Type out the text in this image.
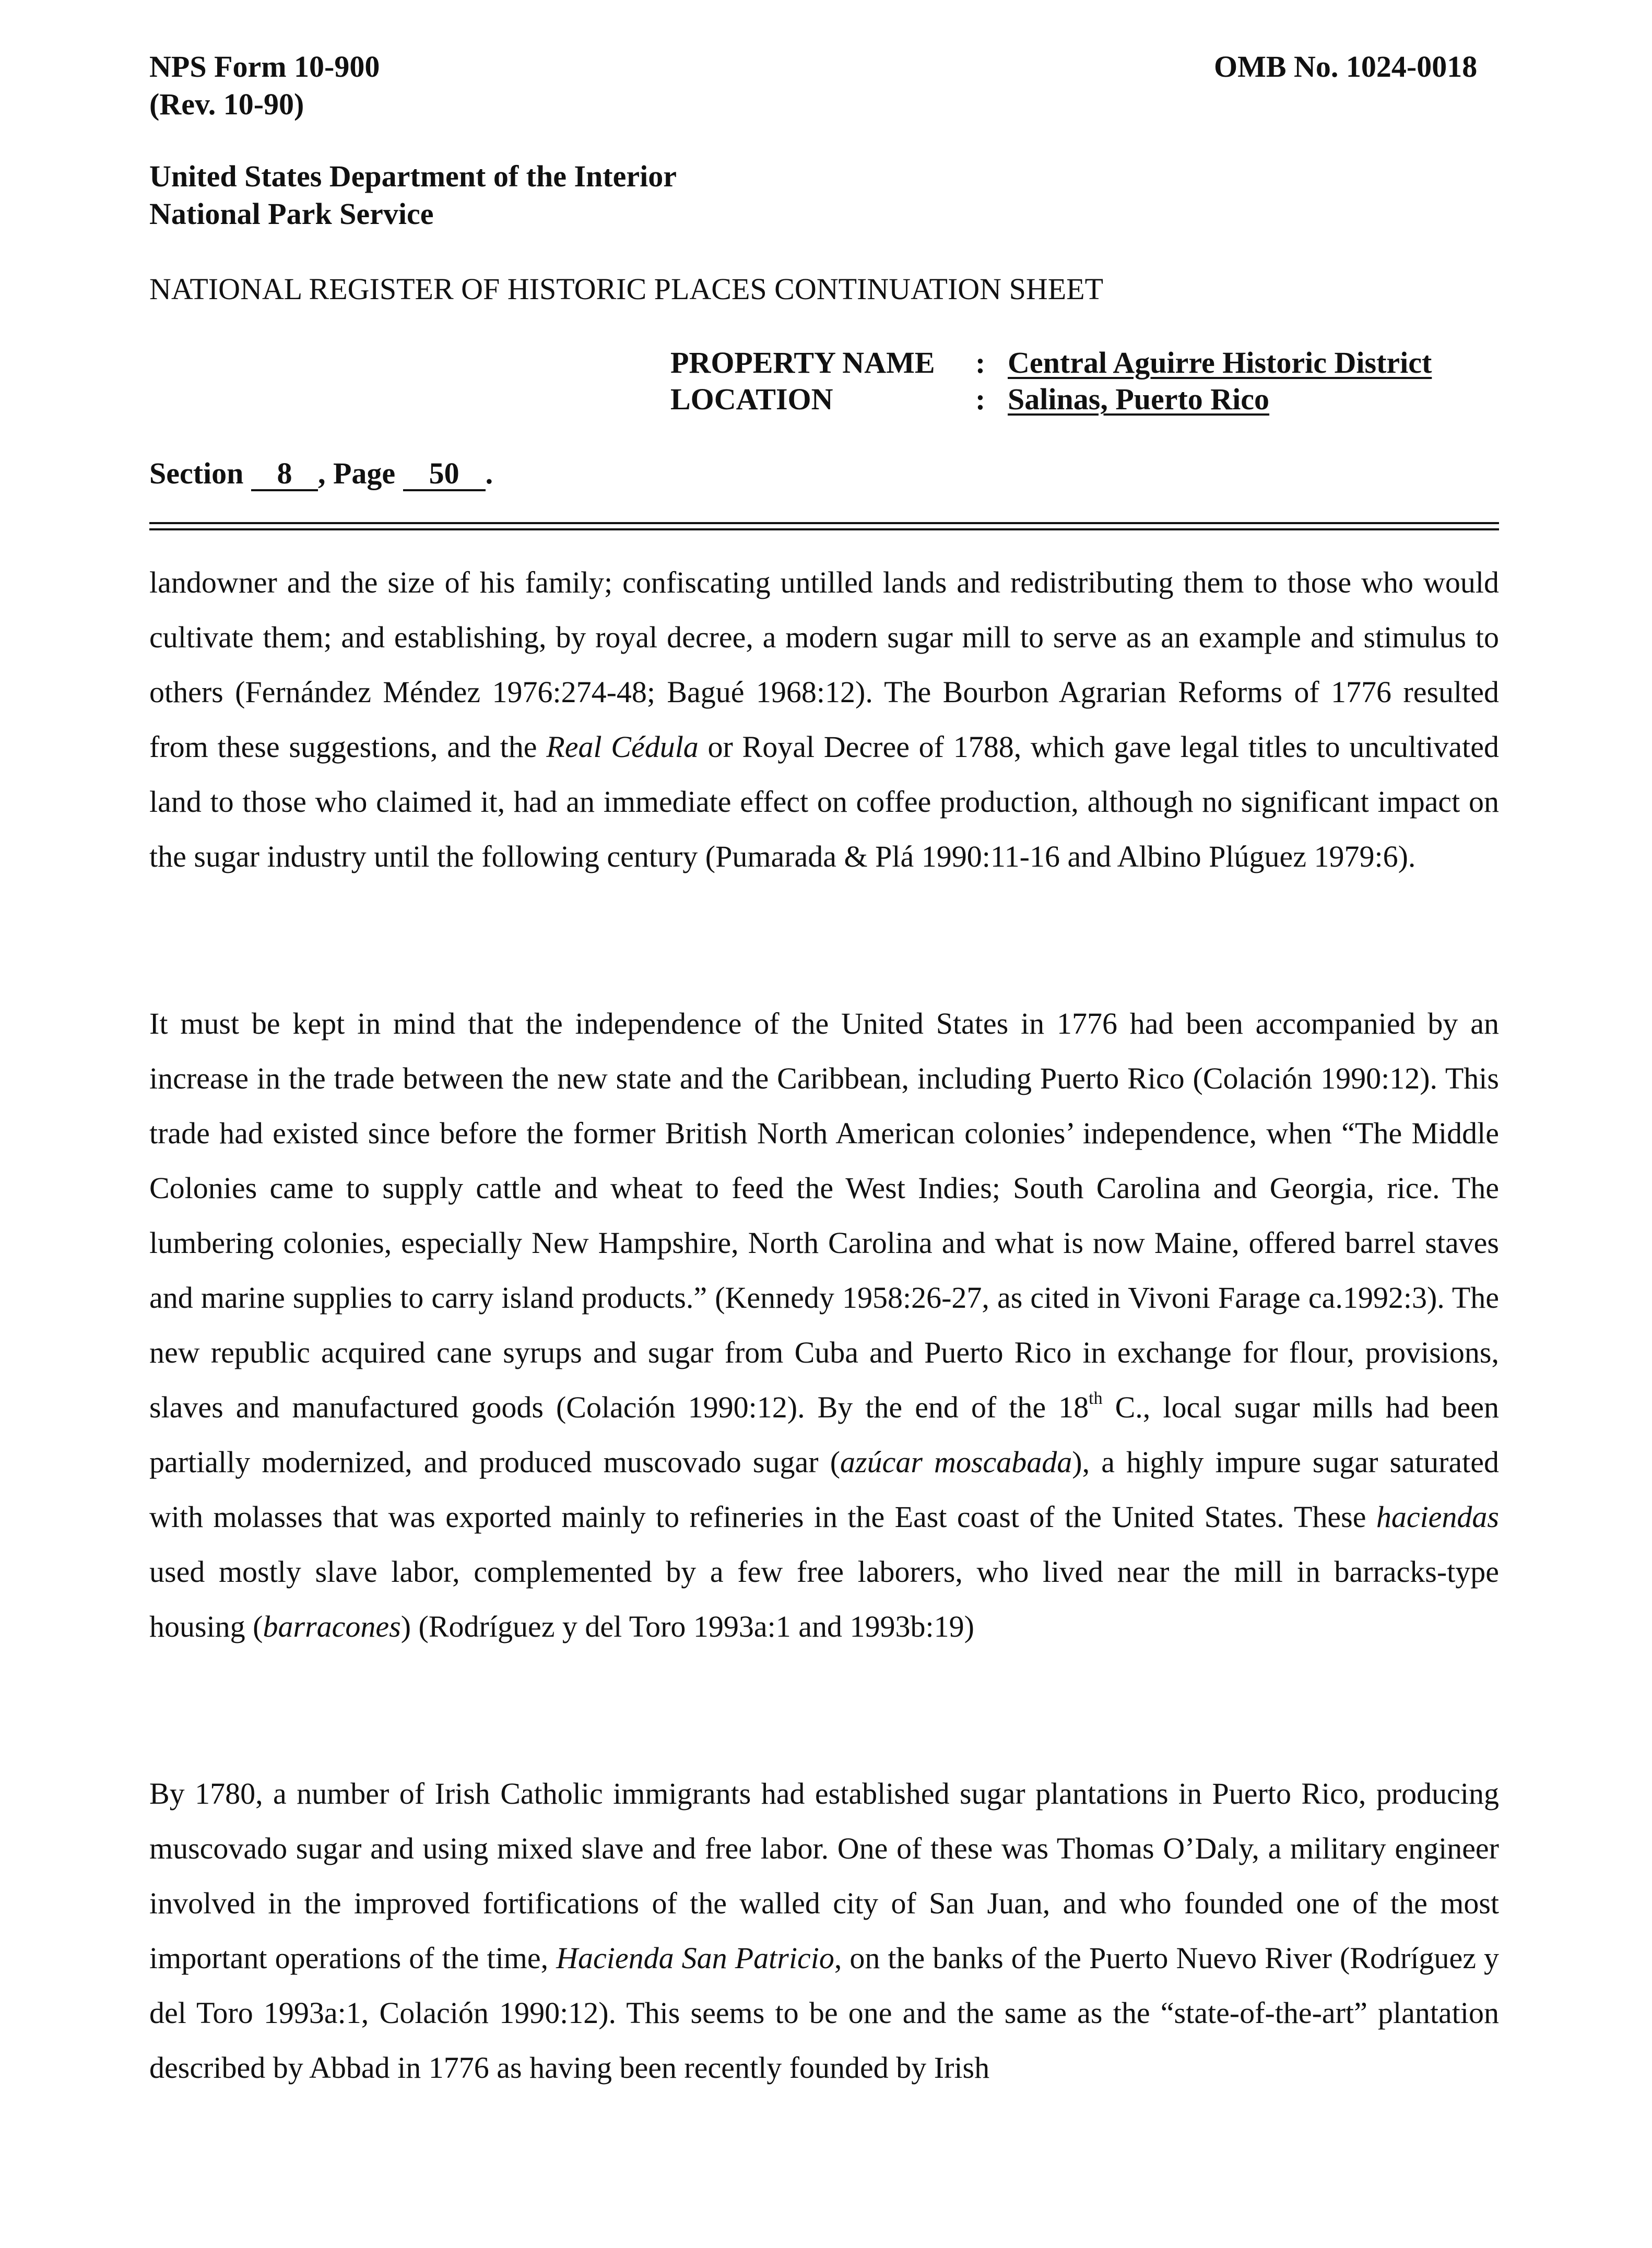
NPS Form 10-900
(Rev. 10-90)
OMB No. 1024-0018
United States Department of the Interior
National Park Service
NATIONAL REGISTER OF HISTORIC PLACES CONTINUATION SHEET
PROPERTY NAME : Central Aguirre Historic District
LOCATION	: Salinas, Puerto Rico
Section 8 , Page 50 .

landowner and the size of his family; confiscating untilled lands and redistributing them to those who would cultivate them; and establishing, by royal decree, a modern sugar mill to serve as an example and stimulus to others (Fernández Méndez 1976:274-48; Bagué 1968:12). The Bourbon Agrarian Reforms of 1776 resulted from these suggestions, and the Real Cédula or Royal Decree of 1788, which gave legal titles to uncultivated land to those who claimed it, had an immediate effect on coffee production, although no significant impact on the sugar industry until the following century (Pumarada & Plá 1990:11-16 and Albino Plúguez 1979:6).

It must be kept in mind that the independence of the United States in 1776 had been accompanied by an increase in the trade between the new state and the Caribbean, including Puerto Rico (Colación 1990:12). This trade had existed since before the former British North American colonies’ independence, when “The Middle Colonies came to supply cattle and wheat to feed the West Indies; South Carolina and Georgia, rice. The lumbering colonies, especially New Hampshire, North Carolina and what is now Maine, offered barrel staves and marine supplies to carry island products.” (Kennedy 1958:26-27, as cited in Vivoni Farage ca.1992:3). The new republic acquired cane syrups and sugar from Cuba and Puerto Rico in exchange for flour, provisions, slaves and manufactured goods (Colación 1990:12). By the end of the 18th C., local sugar mills had been partially modernized, and produced muscovado sugar (azúcar moscabada), a highly impure sugar saturated with molasses that was exported mainly to refineries in the East coast of the United States. These haciendas used mostly slave labor, complemented by a few free laborers, who lived near the mill in barracks-type housing (barracones) (Rodríguez y del Toro 1993a:1 and 1993b:19)

By 1780, a number of Irish Catholic immigrants had established sugar plantations in Puerto Rico, producing muscovado sugar and using mixed slave and free labor. One of these was Thomas O’Daly, a military engineer involved in the improved fortifications of the walled city of San Juan, and who founded one of the most important operations of the time, Hacienda San Patricio, on the banks of the Puerto Nuevo River (Rodríguez y del Toro 1993a:1, Colación 1990:12). This seems to be one and the same as the “state-of-the-art” plantation described by Abbad in 1776 as having been recently founded by Irish
